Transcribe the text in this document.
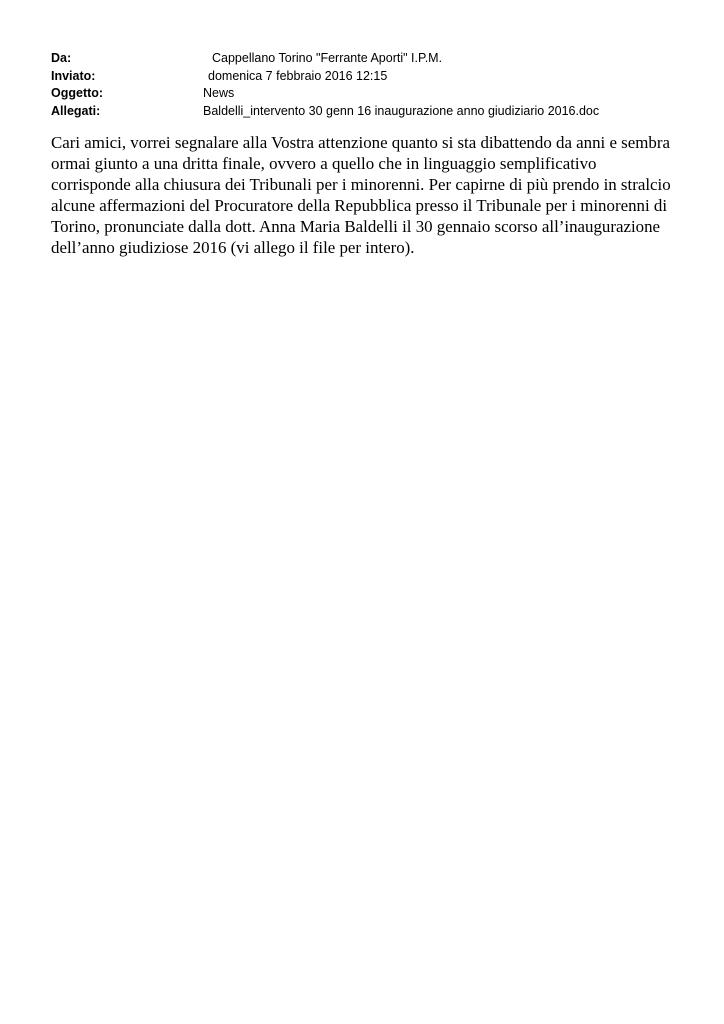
Da:	Cappellano Torino "Ferrante Aporti" I.P.M.
Inviato:	domenica 7 febbraio 2016 12:15
Oggetto:	News
Allegati:	Baldelli_intervento 30 genn 16 inaugurazione anno giudiziario 2016.doc

Cari amici, vorrei segnalare alla Vostra attenzione quanto si sta dibattendo da anni e sembra ormai giunto a una dritta finale, ovvero a quello che in linguaggio semplificativo corrisponde alla chiusura dei Tribunali per i minorenni. Per capirne di più prendo in stralcio alcune affermazioni del Procuratore della Repubblica presso il Tribunale per i minorenni di Torino, pronunciate dalla dott. Anna Maria Baldelli il 30 gennaio scorso all’inaugurazione dell’anno giudiziose 2016 (vi allego il file per intero).
